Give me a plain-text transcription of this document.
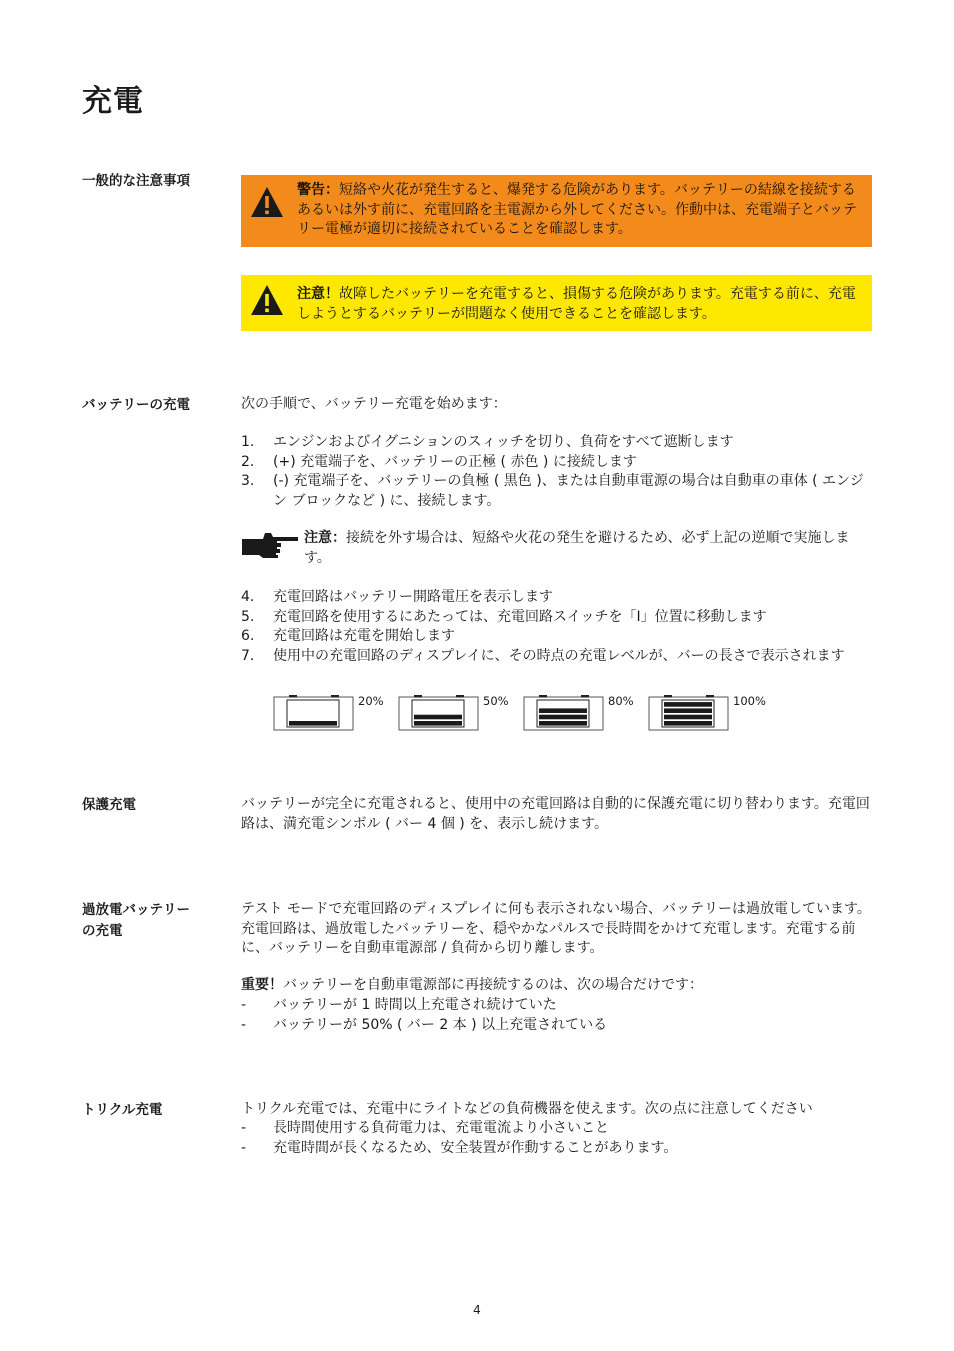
充電
一般的な注意事項
警告：短絡や火花が発生すると、爆発する危険があります。バッテリーの結線を接続するあるいは外す前に、充電回路を主電源から外してください。作動中は、充電端子とバッテリー電極が適切に接続されていることを確認します。
注意！故障したバッテリーを充電すると、損傷する危険があります。充電する前に、充電しようとするバッテリーが問題なく使用できることを確認します。
バッテリーの充電	次の手順で、バッテリー充電を始めます：
1. エンジンおよびイグニションのスィッチを切り、負荷をすべて遮断します
2. (+) 充電端子を、バッテリーの正極 ( 赤色 ) に接続します
3. (-) 充電端子を、バッテリーの負極 ( 黒色 )、または自動車電源の場合は自動車の車体 ( エンジン ブロックなど ) に、接続します。
注意：接続を外す場合は、短絡や火花の発生を避けるため、必ず上記の逆順で実施します。
4. 充電回路はバッテリー開路電圧を表示します
5. 充電回路を使用するにあたっては、充電回路スイッチを「I」位置に移動します
6. 充電回路は充電を開始します
7. 使用中の充電回路のディスプレイに、その時点の充電レベルが、バーの長さで表示されます
20%	50%	80%	100%
保護充電	バッテリーが完全に充電されると、使用中の充電回路は自動的に保護充電に切り替わります。充電回路は、満充電シンボル ( バー 4 個 ) を、表示し続けます。
過放電バッテリー
の充電
テスト モードで充電回路のディスプレイに何も表示されない場合、バッテリーは過放電しています。充電回路は、過放電したバッテリーを、穏やかなパルスで長時間をかけて充電します。充電する前に、バッテリーを自動車電源部 / 負荷から切り離します。
重要！バッテリーを自動車電源部に再接続するのは、次の場合だけです：
- バッテリーが 1 時間以上充電され続けていた
- バッテリーが 50% ( バー 2 本 ) 以上充電されている
トリクル充電	トリクル充電では、充電中にライトなどの負荷機器を使えます。次の点に注意してください
- 長時間使用する負荷電力は、充電電流より小さいこと
- 充電時間が長くなるため、安全装置が作動することがあります。
4
